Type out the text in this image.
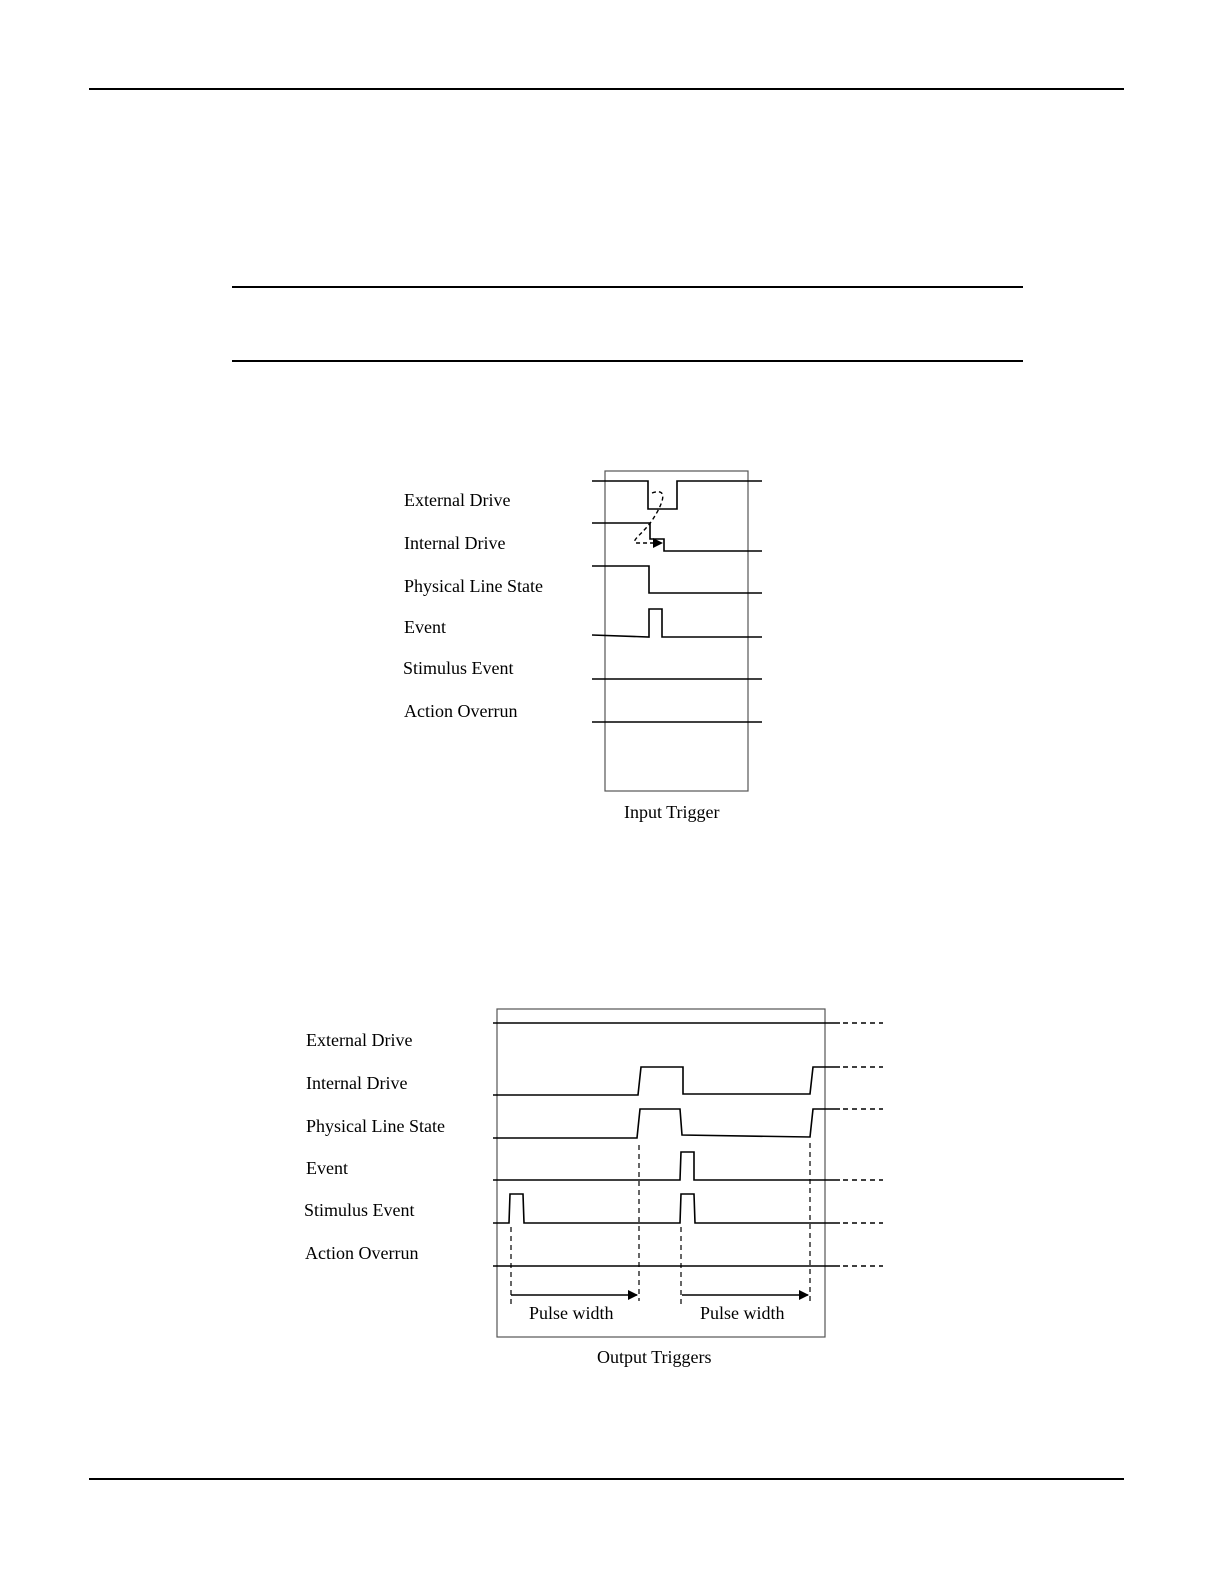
External Drive
Internal Drive
Physical Line State
Event
Stimulus Event
Action Overrun
Input Trigger
External Drive
Internal Drive
Physical Line State
Event
Stimulus Event
Action Overrun
Pulse width	Pulse width
Output Triggers
